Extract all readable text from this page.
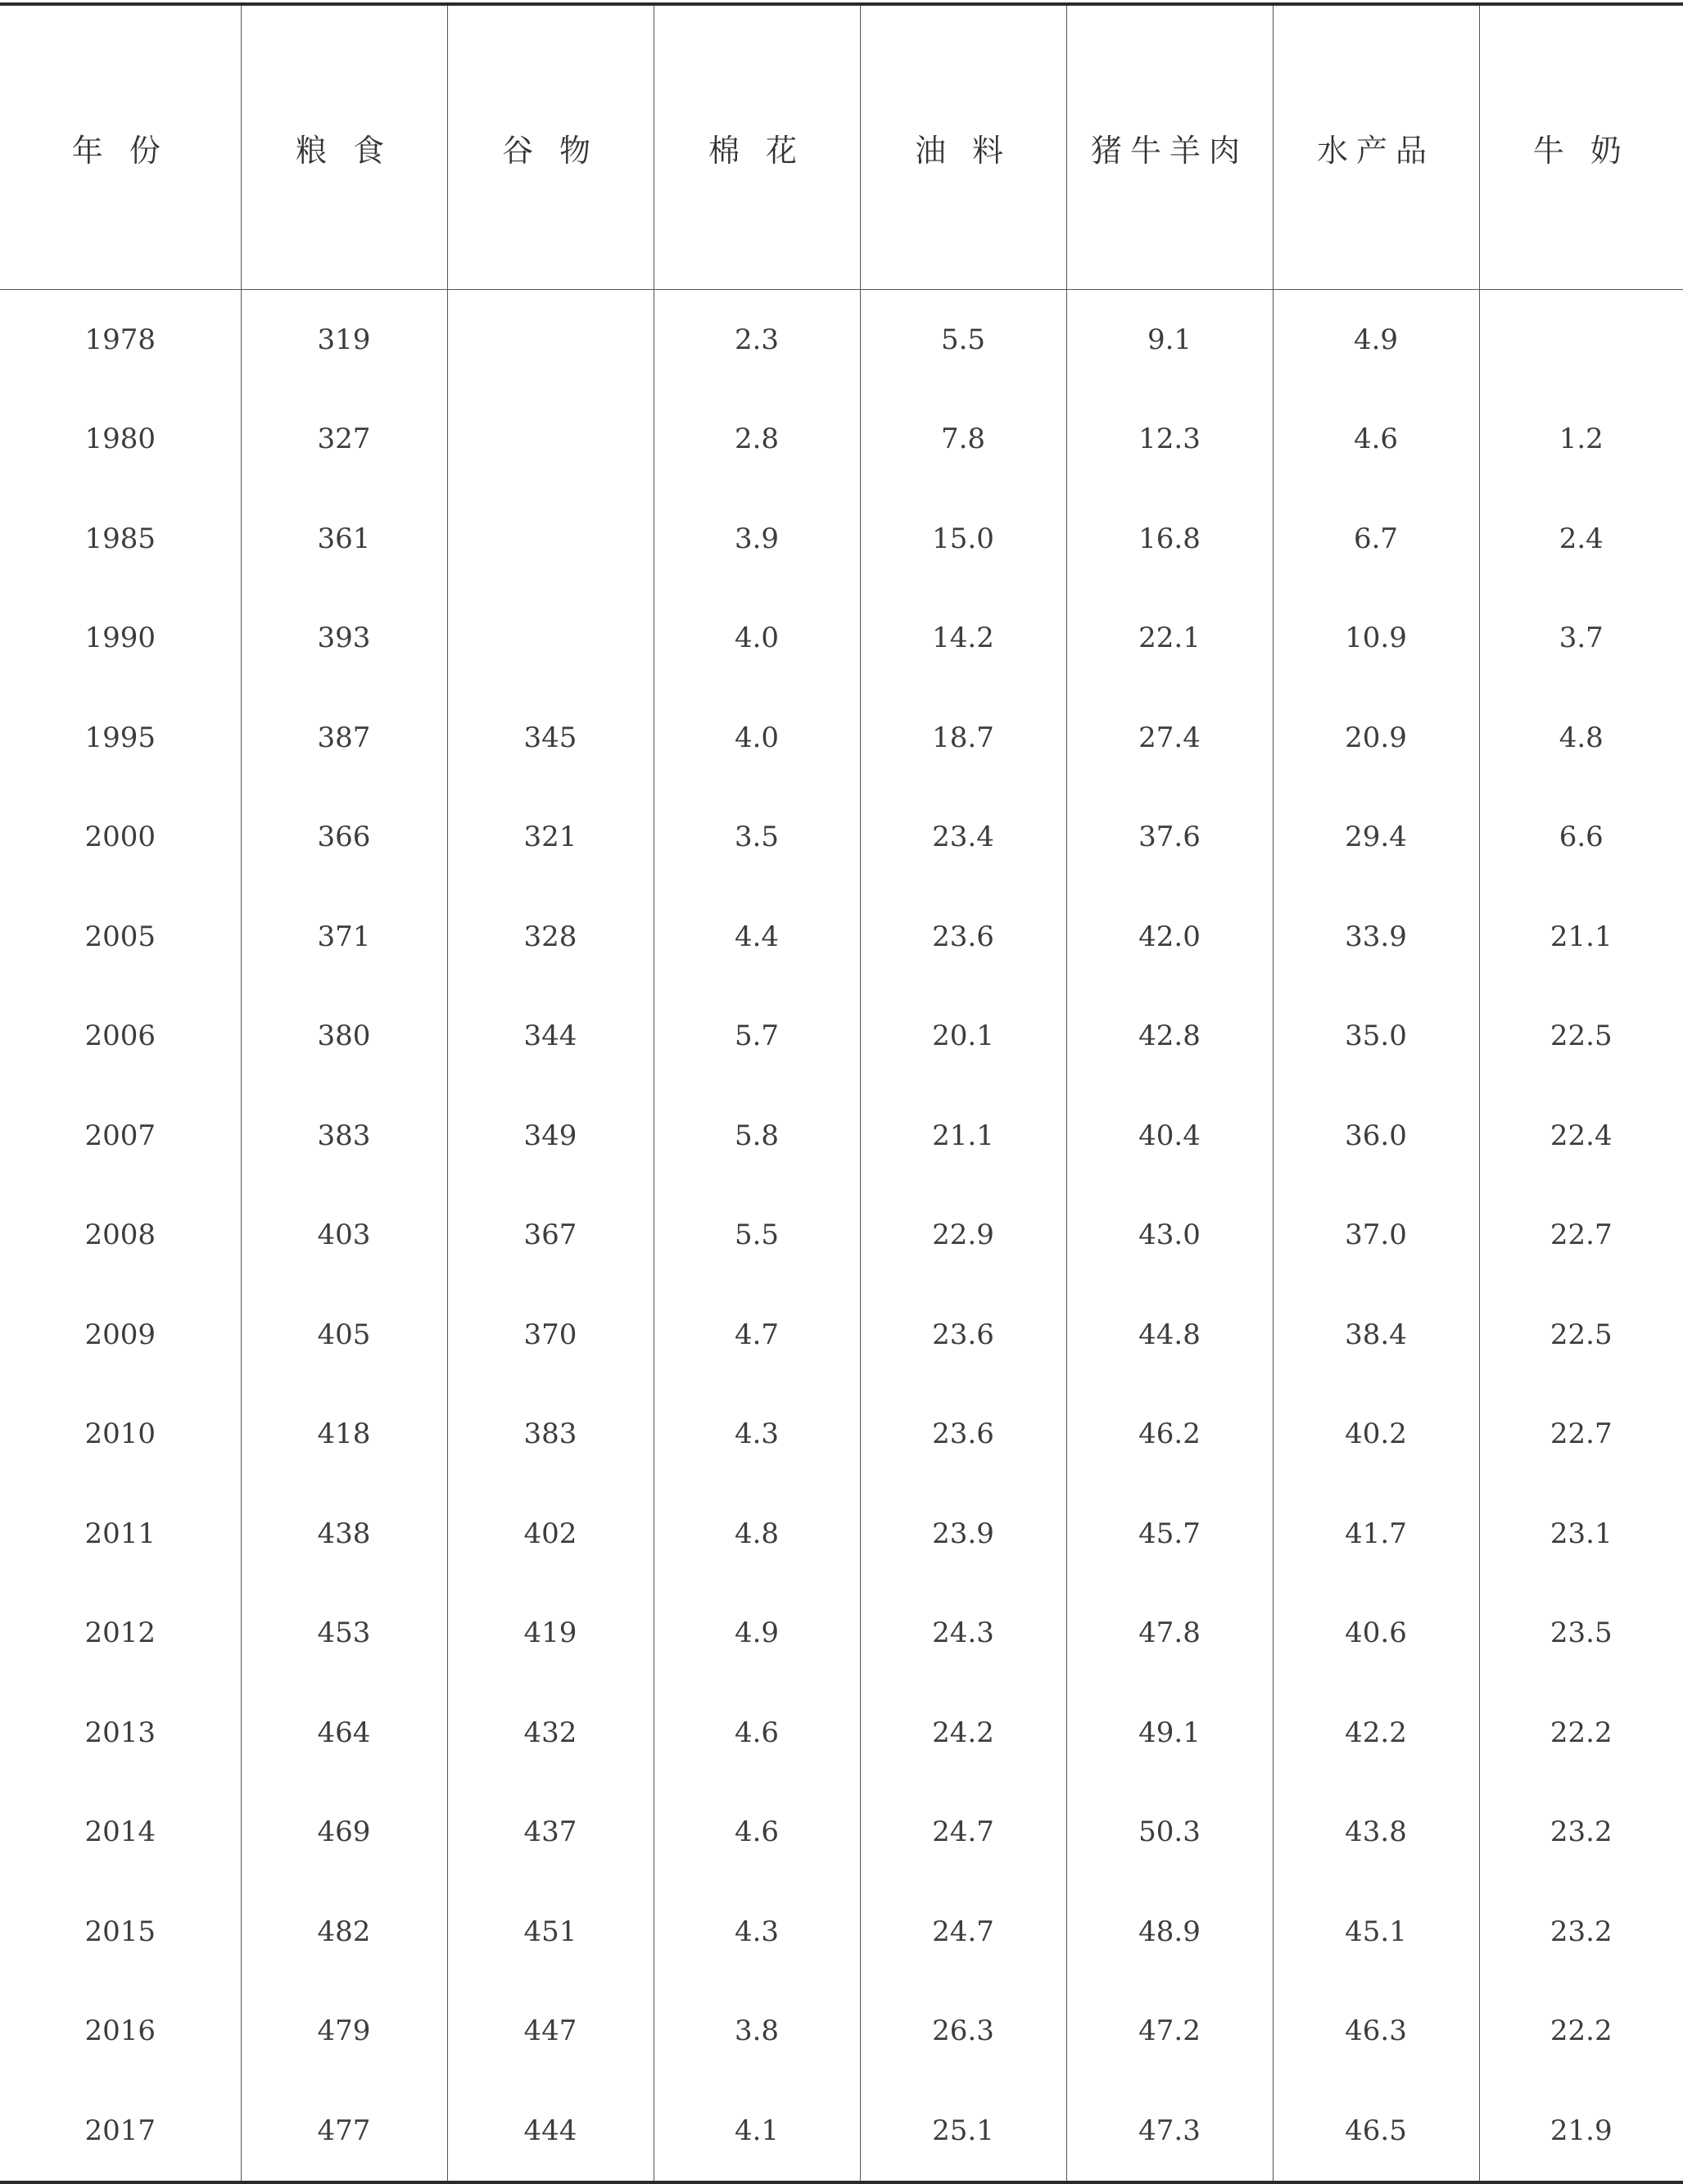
年 份	粮 食	谷 物	棉 花	油 料	猪牛羊肉	水产品	牛 奶
1978	319		2.3	5.5	9.1	4.9	
1980	327		2.8	7.8	12.3	4.6	1.2
1985	361		3.9	15.0	16.8	6.7	2.4
1990	393		4.0	14.2	22.1	10.9	3.7
1995	387	345	4.0	18.7	27.4	20.9	4.8
2000	366	321	3.5	23.4	37.6	29.4	6.6
2005	371	328	4.4	23.6	42.0	33.9	21.1
2006	380	344	5.7	20.1	42.8	35.0	22.5
2007	383	349	5.8	21.1	40.4	36.0	22.4
2008	403	367	5.5	22.9	43.0	37.0	22.7
2009	405	370	4.7	23.6	44.8	38.4	22.5
2010	418	383	4.3	23.6	46.2	40.2	22.7
2011	438	402	4.8	23.9	45.7	41.7	23.1
2012	453	419	4.9	24.3	47.8	40.6	23.5
2013	464	432	4.6	24.2	49.1	42.2	22.2
2014	469	437	4.6	24.7	50.3	43.8	23.2
2015	482	451	4.3	24.7	48.9	45.1	23.2
2016	479	447	3.8	26.3	47.2	46.3	22.2
2017	477	444	4.1	25.1	47.3	46.5	21.9
